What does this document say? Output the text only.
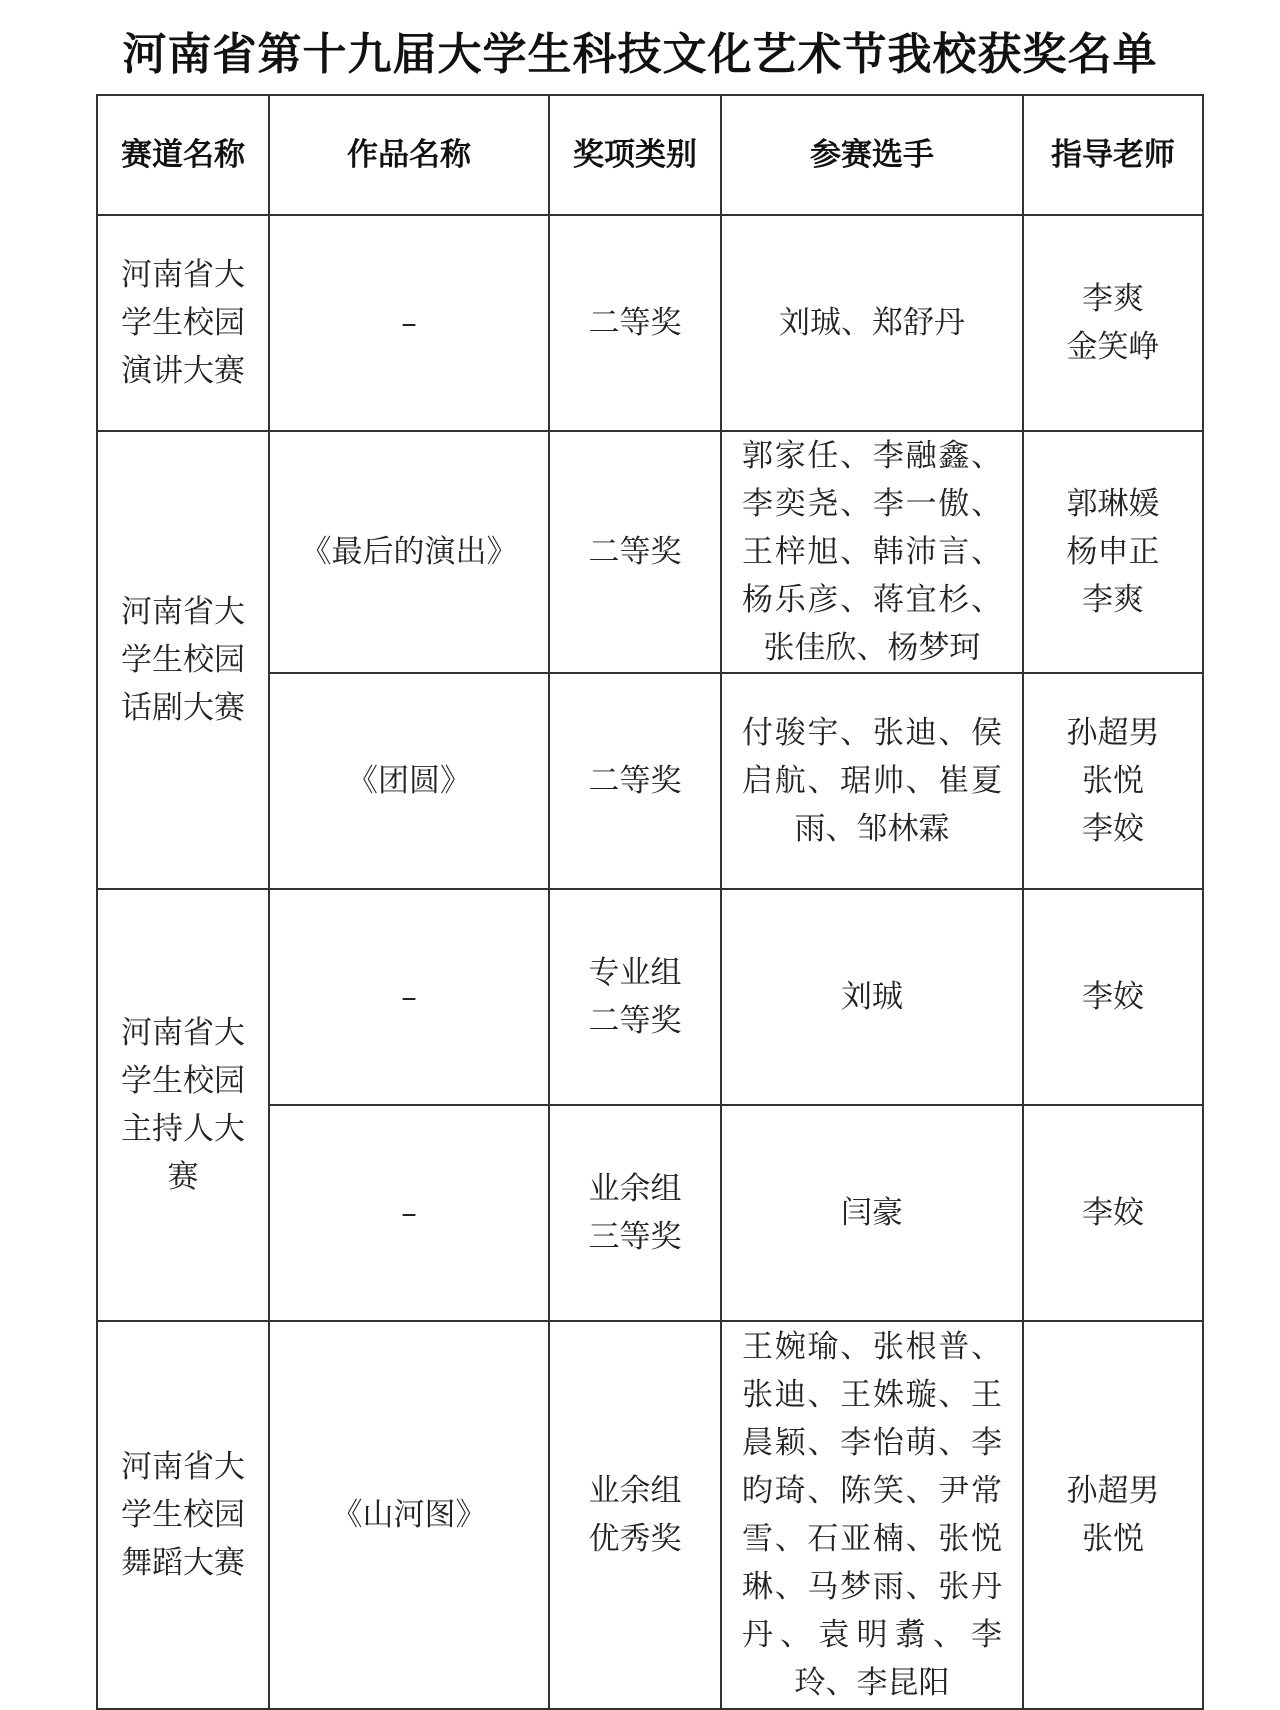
河南省第十九届大学生科技文化艺术节我校获奖名单
赛道名称	作品名称	奖项类别	参赛选手	指导老师
河南省大学生校园演讲大赛	–	二等奖	刘珹、郑舒丹	李爽
金笑峥

河南省大学生校园话剧大赛	《最后的演出》	二等奖	郭家任、李融鑫、李奕尧、李一傲、王梓旭、韩沛言、杨乐彦、蒋宜杉、张佳欣、杨梦珂	郭琳媛
杨申正
李爽

	《团圆》	二等奖	付骏宇、张迪、侯启航、琚帅、崔夏雨、邹林霖	孙超男
张悦
李姣

河南省大学生校园主持人大赛	–	专业组
二等奖	刘珹	李姣

	–	业余组
三等奖	闫豪	李姣

河南省大学生校园舞蹈大赛	《山河图》	业余组
优秀奖	王婉瑜、张根普、张迪、王姝璇、王晨颖、李怡萌、李昀琦、陈笑、尹常雪、石亚楠、张悦琳、马梦雨、张丹丹、袁明翥、李玲、李昆阳	孙超男
张悦
